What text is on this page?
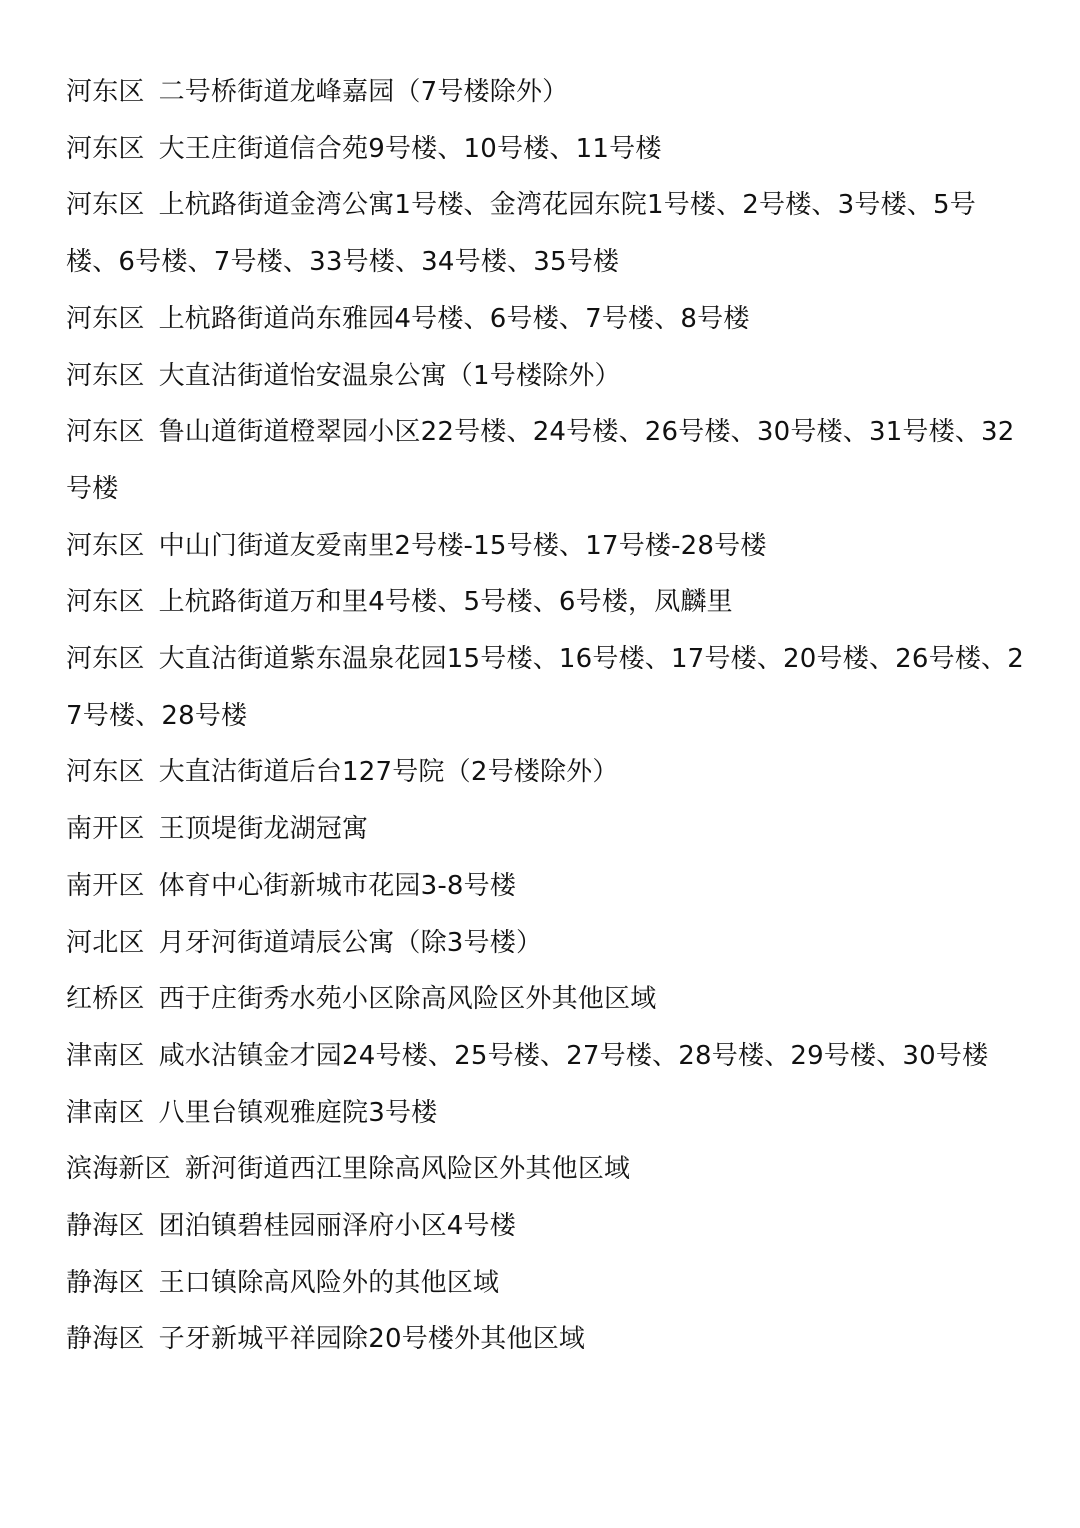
河东区 二号桥街道龙峰嘉园（7号楼除外）

河东区 大王庄街道信合苑9号楼、10号楼、11号楼

河东区 上杭路街道金湾公寓1号楼、金湾花园东院1号楼、2号楼、3号楼、5号楼、6号楼、7号楼、33号楼、34号楼、35号楼

河东区 上杭路街道尚东雅园4号楼、6号楼、7号楼、8号楼

河东区 大直沽街道怡安温泉公寓（1号楼除外）

河东区 鲁山道街道橙翠园小区22号楼、24号楼、26号楼、30号楼、31号楼、32号楼

河东区 中山门街道友爱南里2号楼-15号楼、17号楼-28号楼

河东区 上杭路街道万和里4号楼、5号楼、6号楼，凤麟里

河东区 大直沽街道紫东温泉花园15号楼、16号楼、17号楼、20号楼、26号楼、27号楼、28号楼

河东区 大直沽街道后台127号院（2号楼除外）

南开区 王顶堤街龙湖冠寓

南开区 体育中心街新城市花园3-8号楼

河北区 月牙河街道靖辰公寓（除3号楼）

红桥区 西于庄街秀水苑小区除高风险区外其他区域

津南区 咸水沽镇金才园24号楼、25号楼、27号楼、28号楼、29号楼、30号楼

津南区 八里台镇观雅庭院3号楼

滨海新区 新河街道西江里除高风险区外其他区域

静海区 团泊镇碧桂园丽泽府小区4号楼

静海区 王口镇除高风险外的其他区域

静海区 子牙新城平祥园除20号楼外其他区域
